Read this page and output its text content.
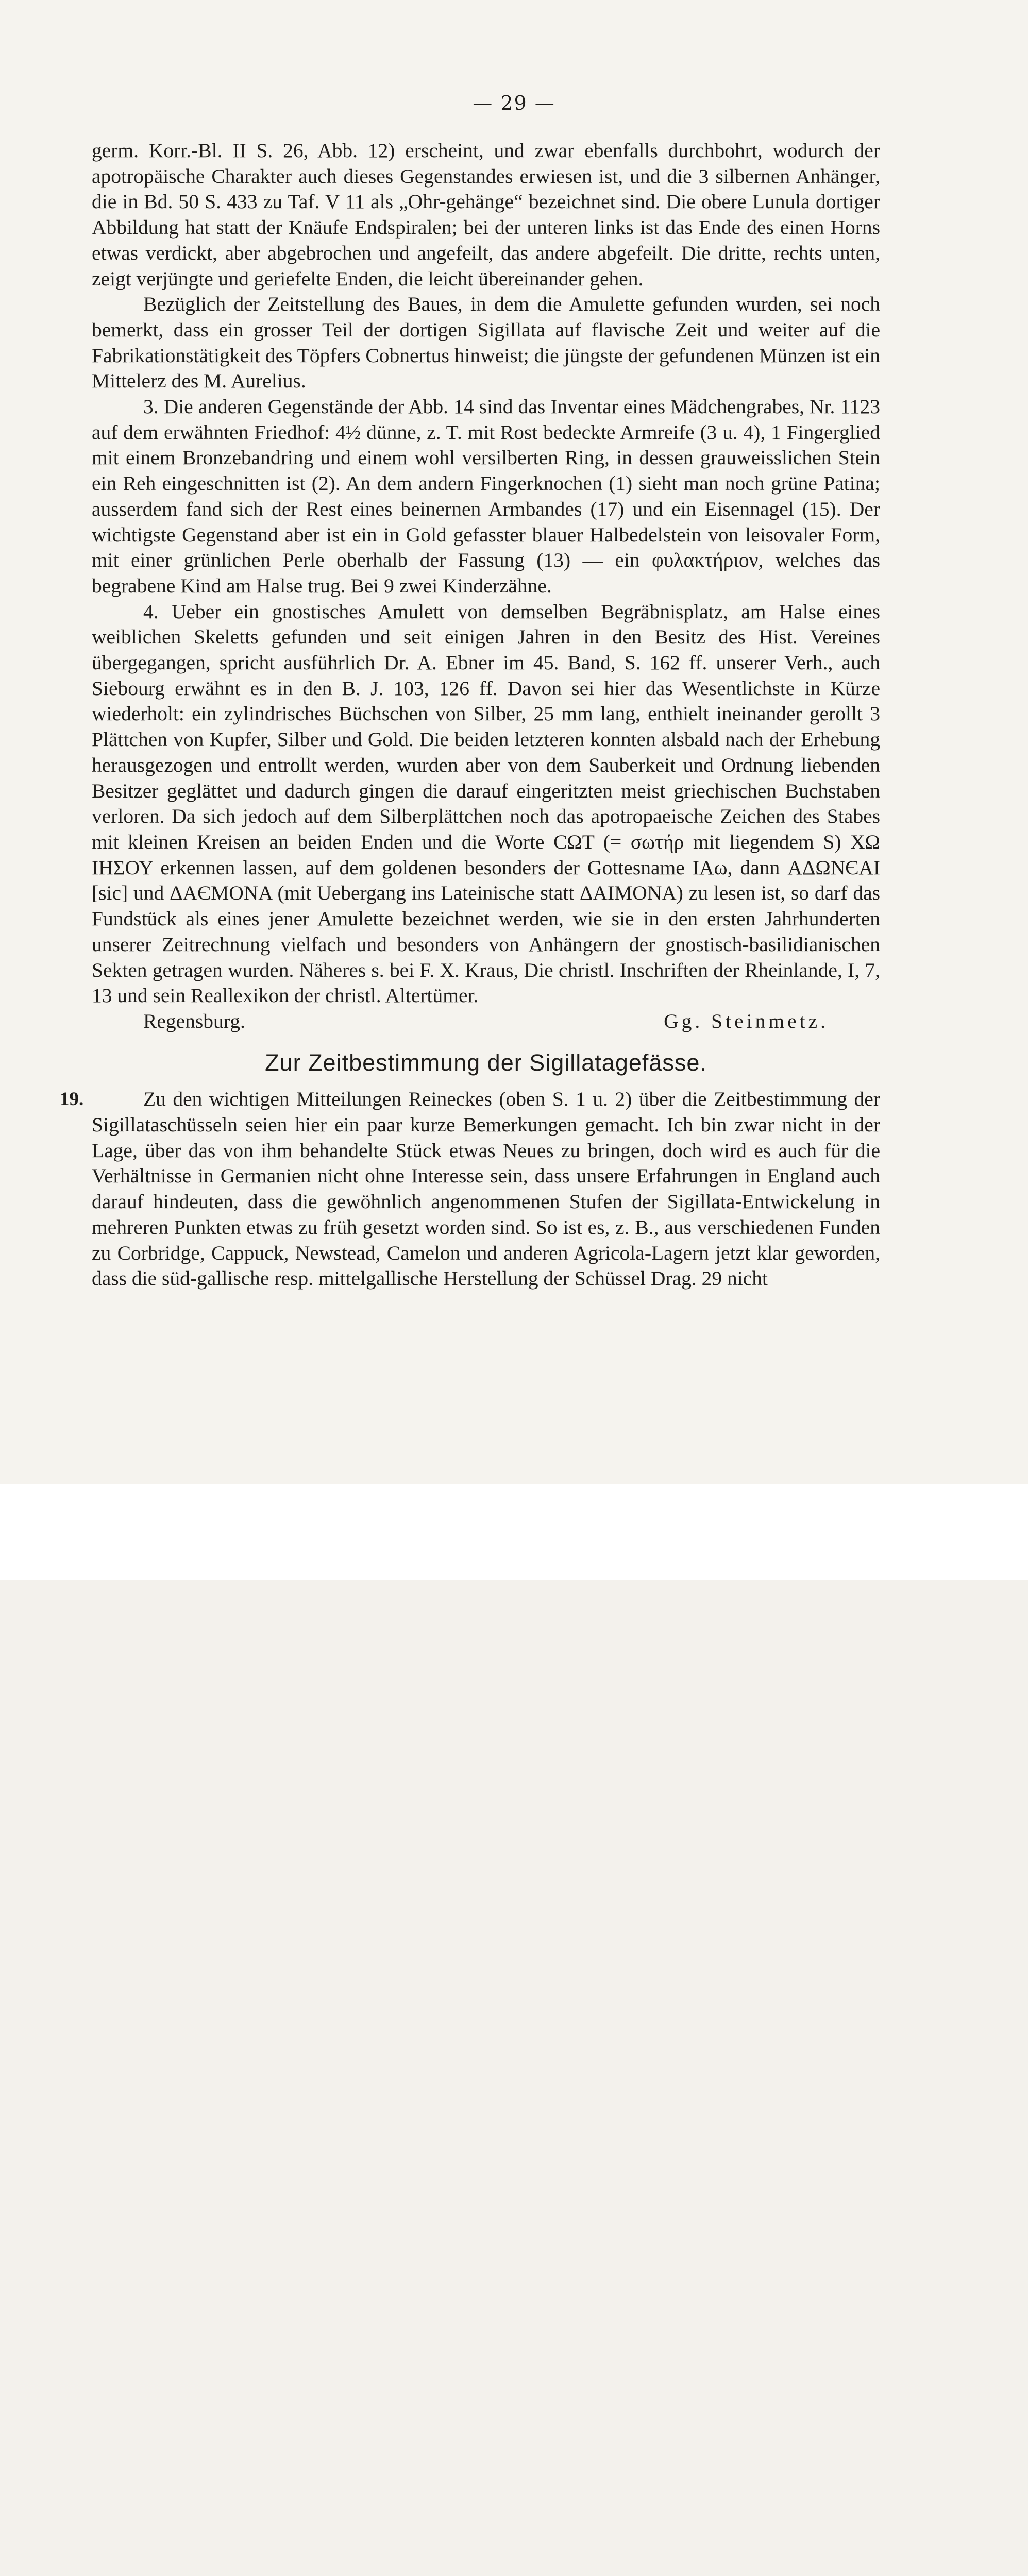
— 29 —

germ. Korr.-Bl. II S. 26, Abb. 12) erscheint, und zwar ebenfalls durchbohrt, wodurch der apotropäische Charakter auch dieses Gegenstandes erwiesen ist, und die 3 silbernen Anhänger, die in Bd. 50 S. 433 zu Taf. V 11 als „Ohr-gehänge“ bezeichnet sind. Die obere Lunula dortiger Abbildung hat statt der Knäufe Endspiralen; bei der unteren links ist das Ende des einen Horns etwas verdickt, aber abgebrochen und angefeilt, das andere abgefeilt. Die dritte, rechts unten, zeigt verjüngte und geriefelte Enden, die leicht übereinander gehen.

Bezüglich der Zeitstellung des Baues, in dem die Amulette gefunden wurden, sei noch bemerkt, dass ein grosser Teil der dortigen Sigillata auf flavische Zeit und weiter auf die Fabrikationstätigkeit des Töpfers Cobnertus hinweist; die jüngste der gefundenen Münzen ist ein Mittelerz des M. Aurelius.

3. Die anderen Gegenstände der Abb. 14 sind das Inventar eines Mädchengrabes, Nr. 1123 auf dem erwähnten Friedhof: 4½ dünne, z. T. mit Rost bedeckte Armreife (3 u. 4), 1 Fingerglied mit einem Bronzebandring und einem wohl versilberten Ring, in dessen grauweisslichen Stein ein Reh eingeschnitten ist (2). An dem andern Fingerknochen (1) sieht man noch grüne Patina; ausserdem fand sich der Rest eines beinernen Armbandes (17) und ein Eisennagel (15). Der wichtigste Gegenstand aber ist ein in Gold gefasster blauer Halbedelstein von leisovaler Form, mit einer grünlichen Perle oberhalb der Fassung (13) — ein φυλακτήριον, welches das begrabene Kind am Halse trug. Bei 9 zwei Kinderzähne.

4. Ueber ein gnostisches Amulett von demselben Begräbnisplatz, am Halse eines weiblichen Skeletts gefunden und seit einigen Jahren in den Besitz des Hist. Vereines übergegangen, spricht ausführlich Dr. A. Ebner im 45. Band, S. 162 ff. unserer Verh., auch Siebourg erwähnt es in den B. J. 103, 126 ff. Davon sei hier das Wesentlichste in Kürze wiederholt: ein zylindrisches Büchschen von Silber, 25 mm lang, enthielt ineinander gerollt 3 Plättchen von Kupfer, Silber und Gold. Die beiden letzteren konnten alsbald nach der Erhebung herausgezogen und entrollt werden, wurden aber von dem Sauberkeit und Ordnung liebenden Besitzer geglättet und dadurch gingen die darauf eingeritzten meist griechischen Buchstaben verloren. Da sich jedoch auf dem Silberplättchen noch das apotropaeische Zeichen des Stabes mit kleinen Kreisen an beiden Enden und die Worte ϹΩΤ (= σωτήρ mit liegendem S) XΩ ΙΗΣΟΥ erkennen lassen, auf dem goldenen besonders der Gottesname ΙΑω, dann ΑΔΩΝЄΑΙ [sic] und ΔΑЄΜΟΝΑ (mit Uebergang ins Lateinische statt ΔΑΙΜΟΝΑ) zu lesen ist, so darf das Fundstück als eines jener Amulette bezeichnet werden, wie sie in den ersten Jahrhunderten unserer Zeitrechnung vielfach und besonders von Anhängern der gnostisch-basilidianischen Sekten getragen wurden. Näheres s. bei F. X. Kraus, Die christl. Inschriften der Rheinlande, I, 7, 13 und sein Reallexikon der christl. Altertümer.

Regensburg.	Gg. Steinmetz.
Zur Zeitbestimmung der Sigillatagefässe.
19.	Zu den wichtigen Mitteilungen Reineckes (oben S. 1 u. 2) über die Zeitbestimmung der Sigillataschüsseln seien hier ein paar kurze Bemerkungen gemacht. Ich bin zwar nicht in der Lage, über das von ihm behandelte Stück etwas Neues zu bringen, doch wird es auch für die Verhältnisse in Germanien nicht ohne Interesse sein, dass unsere Erfahrungen in England auch darauf hindeuten, dass die gewöhnlich angenommenen Stufen der Sigillata-Entwickelung in mehreren Punkten etwas zu früh gesetzt worden sind. So ist es, z. B., aus verschiedenen Funden zu Corbridge, Cappuck, Newstead, Camelon und anderen Agricola-Lagern jetzt klar geworden, dass die süd-gallische resp. mittelgallische Herstellung der Schüssel Drag. 29 nicht
